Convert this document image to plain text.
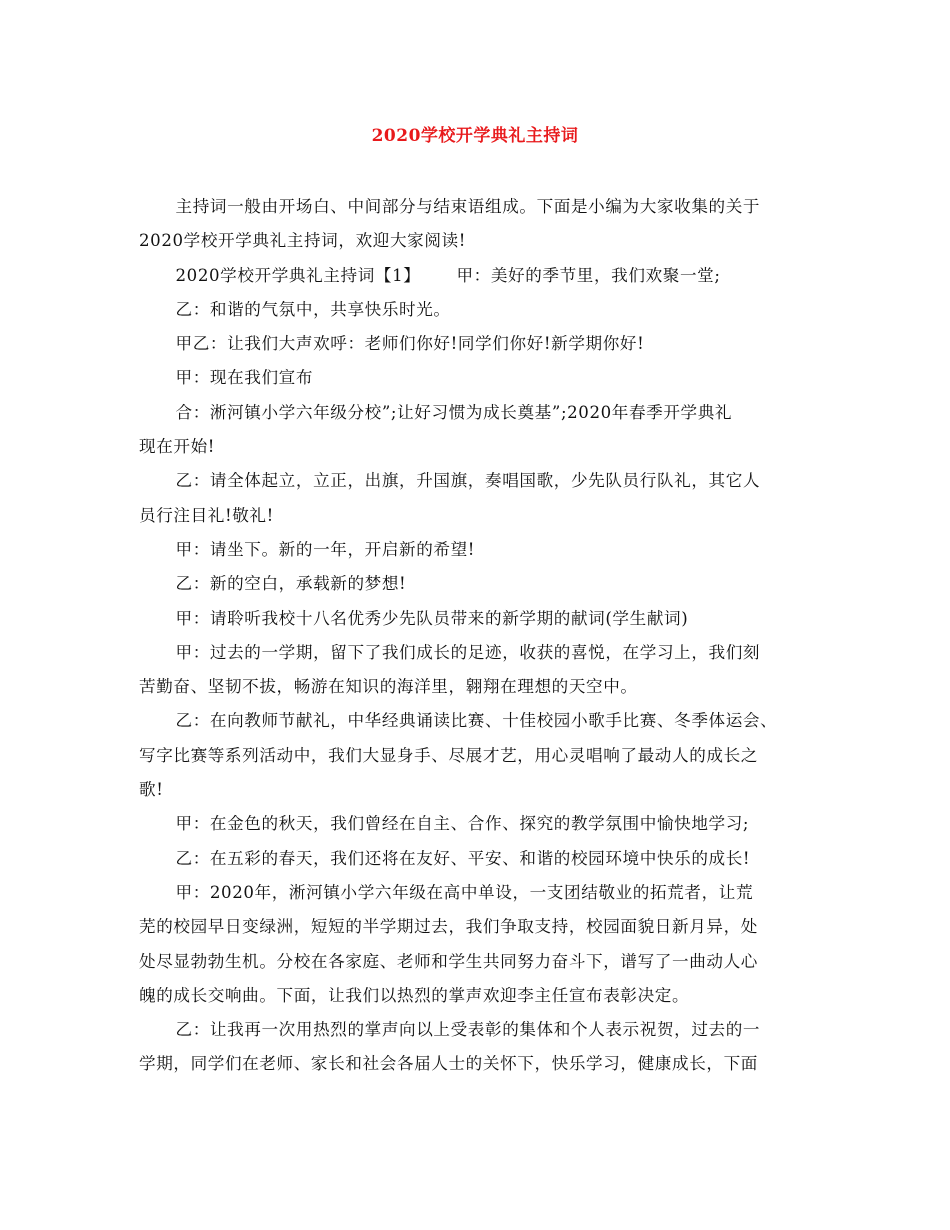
2020学校开学典礼主持词

主持词一般由开场白、中间部分与结束语组成。下面是小编为大家收集的关于
2020学校开学典礼主持词，欢迎大家阅读!

2020学校开学典礼主持词【1】 甲：美好的季节里，我们欢聚一堂;

乙：和谐的气氛中，共享快乐时光。

甲乙：让我们大声欢呼：老师们你好!同学们你好!新学期你好!

甲：现在我们宣布

合：淅河镇小学六年级分校”;让好习惯为成长奠基”;2020年春季开学典礼
现在开始!

乙：请全体起立，立正，出旗，升国旗，奏唱国歌，少先队员行队礼，其它人
员行注目礼!敬礼!

甲：请坐下。新的一年，开启新的希望!

乙：新的空白，承载新的梦想!

甲：请聆听我校十八名优秀少先队员带来的新学期的献词(学生献词)

甲：过去的一学期，留下了我们成长的足迹，收获的喜悦，在学习上，我们刻
苦勤奋、坚韧不拔，畅游在知识的海洋里，翱翔在理想的天空中。

乙：在向教师节献礼，中华经典诵读比赛、十佳校园小歌手比赛、冬季体运会、
写字比赛等系列活动中，我们大显身手、尽展才艺，用心灵唱响了最动人的成长之
歌!

甲：在金色的秋天，我们曾经在自主、合作、探究的教学氛围中愉快地学习;

乙：在五彩的春天，我们还将在友好、平安、和谐的校园环境中快乐的成长!

甲：2020年，淅河镇小学六年级在高中单设，一支团结敬业的拓荒者，让荒
芜的校园早日变绿洲，短短的半学期过去，我们争取支持，校园面貌日新月异，处
处尽显勃勃生机。分校在各家庭、老师和学生共同努力奋斗下，谱写了一曲动人心
魄的成长交响曲。下面，让我们以热烈的掌声欢迎李主任宣布表彰决定。

乙：让我再一次用热烈的掌声向以上受表彰的集体和个人表示祝贺，过去的一
学期，同学们在老师、家长和社会各届人士的关怀下，快乐学习，健康成长，下面
